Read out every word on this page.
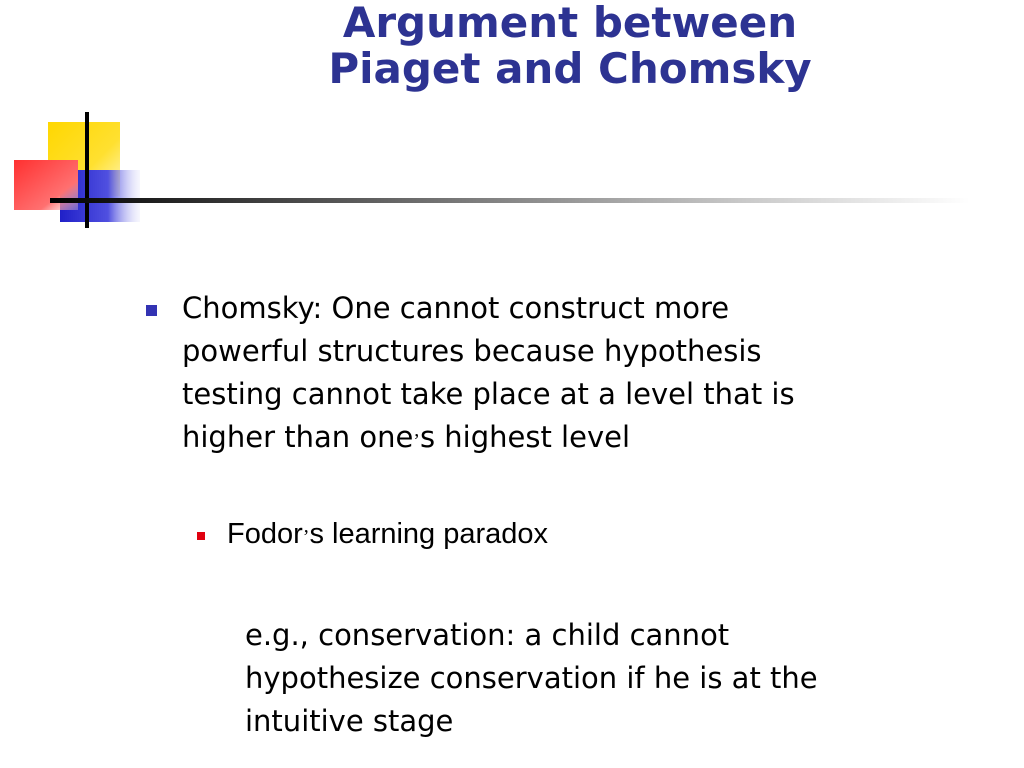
Argument between
Piaget and Chomsky
Chomsky: One cannot construct more
powerful structures because hypothesis
testing cannot take place at a level that is
higher than one’s highest level
Fodor’s learning paradox
e.g., conservation: a child cannot
hypothesize conservation if he is at the
intuitive stage
